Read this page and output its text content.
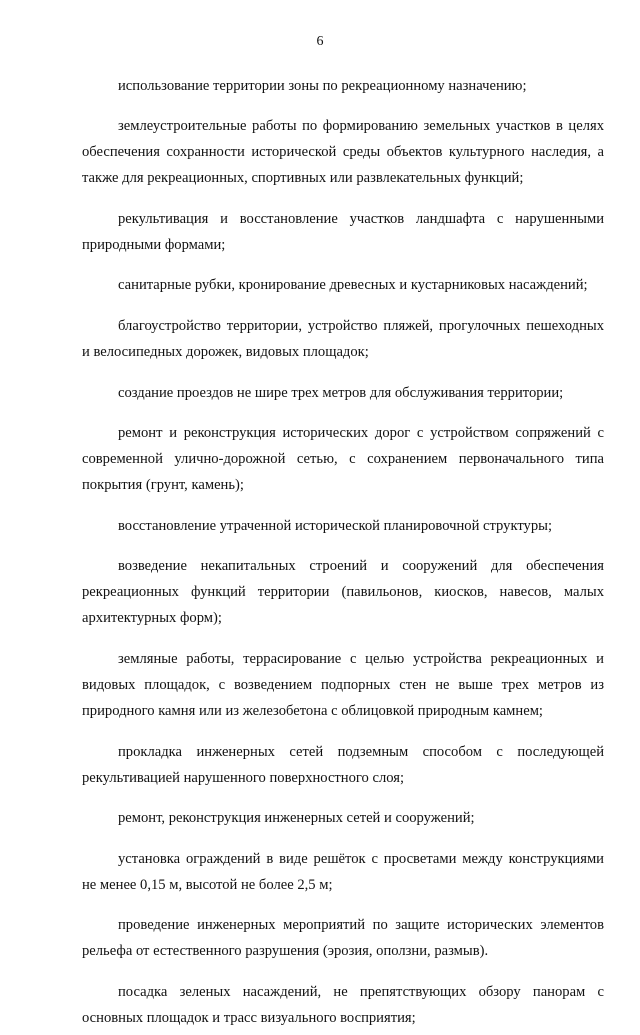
6

использование территории зоны по рекреационному назначению;

землеустроительные работы по формированию земельных участков в целях обеспечения сохранности исторической среды объектов культурного наследия, а также для рекреационных, спортивных или развлекательных функций;

рекультивация и восстановление участков ландшафта с нарушенными природными формами;

санитарные рубки, кронирование древесных и кустарниковых насаждений;

благоустройство территории, устройство пляжей, прогулочных пешеходных и велосипедных дорожек, видовых площадок;

создание проездов не шире трех метров для обслуживания территории;

ремонт и реконструкция исторических дорог с устройством сопряжений с современной улично-дорожной сетью, с сохранением первоначального типа покрытия (грунт, камень);

восстановление утраченной исторической планировочной структуры;

возведение некапитальных строений и сооружений для обеспечения рекреационных функций территории (павильонов, киосков, навесов, малых архитектурных форм);

земляные работы, террасирование с целью устройства рекреационных и видовых площадок, с возведением подпорных стен не выше трех метров из природного камня или из железобетона с облицовкой природным камнем;

прокладка инженерных сетей подземным способом с последующей рекультивацией нарушенного поверхностного слоя;

ремонт, реконструкция инженерных сетей и сооружений;

установка ограждений в виде решёток с просветами между конструкциями не менее 0,15 м, высотой не более 2,5 м;

проведение инженерных мероприятий по защите исторических элементов рельефа от естественного разрушения (эрозия, оползни, размыв).

посадка зеленых насаждений, не препятствующих обзору панорам с основных площадок и трасс визуального восприятия;
